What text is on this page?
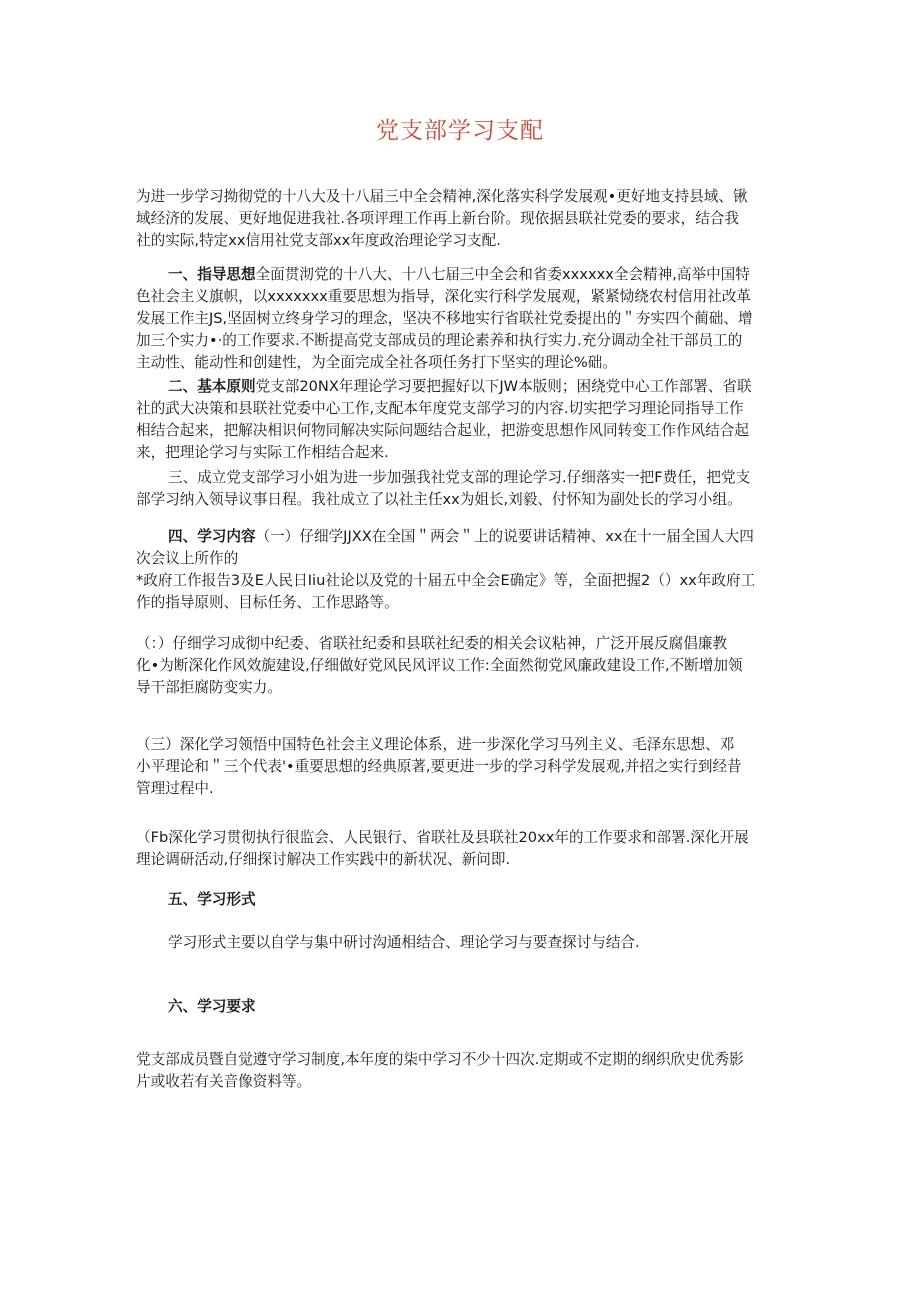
党支部学习支配

为进一步学习拗彻党的十八大及十八届三中全会精神,深化落实科学发展观•更好地支持县域、锹
域经济的发展、更好地促进我社.各项评理工作再上新台阶。现依据县联社党委的要求，结合我
社的实际,特定xx信用社党支部xx年度政治理论学习支配.

一、指导思想全面贯沏党的十八大、十八七届三中全会和省委xxxxxx全会精神,高举中国特
色社会主义旗帜，以xxxxxxx重要思想为指导，深化实行科学发展观，紧紧恸绕农村信用社改革
发展工作主JS,坚固树立终身学习的理念，坚决不移地实行省联社党委提出的＂夯实四个蔺础、增
加三个实力•·的工作要求.不断提高党支部成员的理论素养和执行实力.充分调动全社干部员工的
主动性、能动性和创建性，为全面完成全社各项任务打下坚实的理论%础。

二、基本原则党支部20NX年理论学习要把握好以下JW本版则；困绕党中心工作部署、省联
社的武大决策和县联社党委中心工作,支配本年度党支部学习的内容.切实把学习理论同指导工作
相结合起来，把解决相识何物同解决实际问题结合起业，把游变思想作风同转变工作作风结合起
来，把理论学习与实际工作相结合起来.

三、成立党支部学习小姐为进一步加强我社党支部的理论学习.仔细落实一把F费任，把党支
部学习纳入领导议事日程。我社成立了以社主任xx为姐长,刘毅、付怀知为副处长的学习小组。

四、学习内容（一）仔细学JJXX在全国＂两会＂上的说要讲话精神、xx在十一届全国人大四
次会议上所作的
*政府工作报告3及E人民日Iiu社论以及党的十届五中全会E确定》等，全面把握2（）xx年政府工
作的指导原则、目标任务、工作思路等。

（：）仔细学习成彻中纪委、省联社纪委和县联社纪委的相关会议粘神，广泛开展反腐倡廉教
化•为断深化作风效旎建设,仔细做好党风民风评议工作:全面然彻党风廉政建设工作,不断增加领
导干部拒腐防变实力。

（三）深化学习领悟中国特色社会主义理论体系，进一步深化学习马列主义、毛泽东思想、邓
小平理论和＂三个代表'•重要思想的经典原著,要更进一步的学习科学发展观,并招之实行到经昔
管理过程中.

（Fb深化学习贯彻执行很监会、人民银行、省联社及县联社20xx年的工作要求和部署.深化开展
理论调研活动,仔细探讨解决工作实践中的新状况、新问即.

五、学习形式

学习形式主要以自学与集中研讨沟通相结合、理论学习与要查探讨与结合.

六、学习要求

党支部成员暨自觉遵守学习制度,本年度的柒中学习不少十四次.定期或不定期的纲织欣史优秀影
片或收若有关音像资料等。
